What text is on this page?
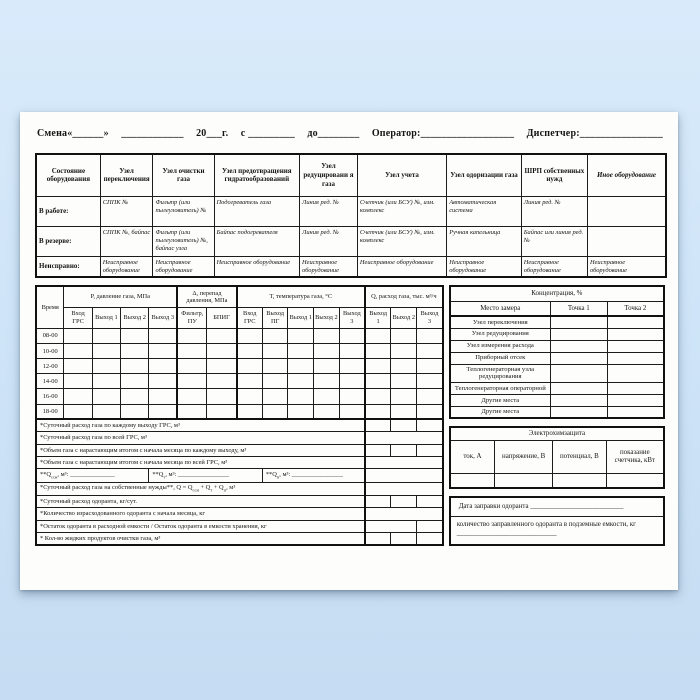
Смена«______» ____________ 20___г. с _________ до________ Оператор:__________________ Диспетчер:________________
Состояние оборудования	Узел переключения	Узел очистки газа	Узел предотвращения гидратообразований	Узел редуцировани я газа	Узел учета	Узел одоризации газа	ШРП собственных нужд	Иное оборудование
В работе:	СППК №	Фильтр (или пылеуловитель) №	Подогреватель газа	Линия ред. №	Счетчик (или БСУ) №, изм. комплекс	Автоматическая система	Линия ред. №	
В резерве:	СППК №, байпас	Фильтр (или пылеуловитель) №, байпас узла	Байпас подогревателя	Линия ред. №	Счетчик (или БСУ) №, изм. комплекс	Ручная капельница	Байпас или линия ред. №	
Неисправно:	Неисправное оборудование	Неисправное оборудование	Неисправное оборудование	Неисправное оборудование	Неисправное оборудование	Неисправное оборудование	Неисправное оборудование	Неисправное оборудование
Время	Р, давление газа, МПа				Δ, перепад давления, МПа		Т, температура газа, °С					Q, расход газа, тыс. м³/ч		
	Вход ГРС	Выход 1	Выход 2	Выход 3	Фильтр, ПУ	БПИГ	Вход ГРС	Выход ПГ	Выход 1	Выход 2	Выход 3	Выход 1	Выход 2	Выход 3
08-00														
10-00														
12-00														
14-00														
16-00														
18-00														
*Суточный расход газа по каждому выходу ГРС, м³														
*Суточный расход газа по всей ГРС, м³														
*Объем газа с нарастающим итогом с начала месяца по каждому выходу, м³														
*Объем газа с нарастающим итогом с начала месяца по всей ГРС, м³														
$**Q_{ссн}$, м³: ______________				$**Q_т$, м³: ________________				$**Q_п$, м³: ________________						
*Суточный расход газа на собственные нужды**, $Q = Q_{ссн} + Q_т + Q_п$, м³														
*Суточный расход одоранта, кг/сут.														
*Количество израсходованного одоранта с начала месяца, кг														
*Остаток одоранта в расходной емкости / Остаток одоранта в емкости хранения, кг														
* Кол-во жидких продуктов очистки газа, м³														
Концентрация, %		
Место замера	Точка 1	Точка 2
Узел переключения		
Узел редуцирования		
Узел измерения расхода		
Приборный отсек		
Теплогенераторная узла редуцирования		
Теплогенераторная операторной		
Другие места		
Другие места		
Электрохимзащита			
ток, А	напряжение, В	потенциал, В	показание счетчика, кВт

Дата заправки одоранта ___________________________
количество заправленного одоранта в подземные емкости, кг _____________________________
